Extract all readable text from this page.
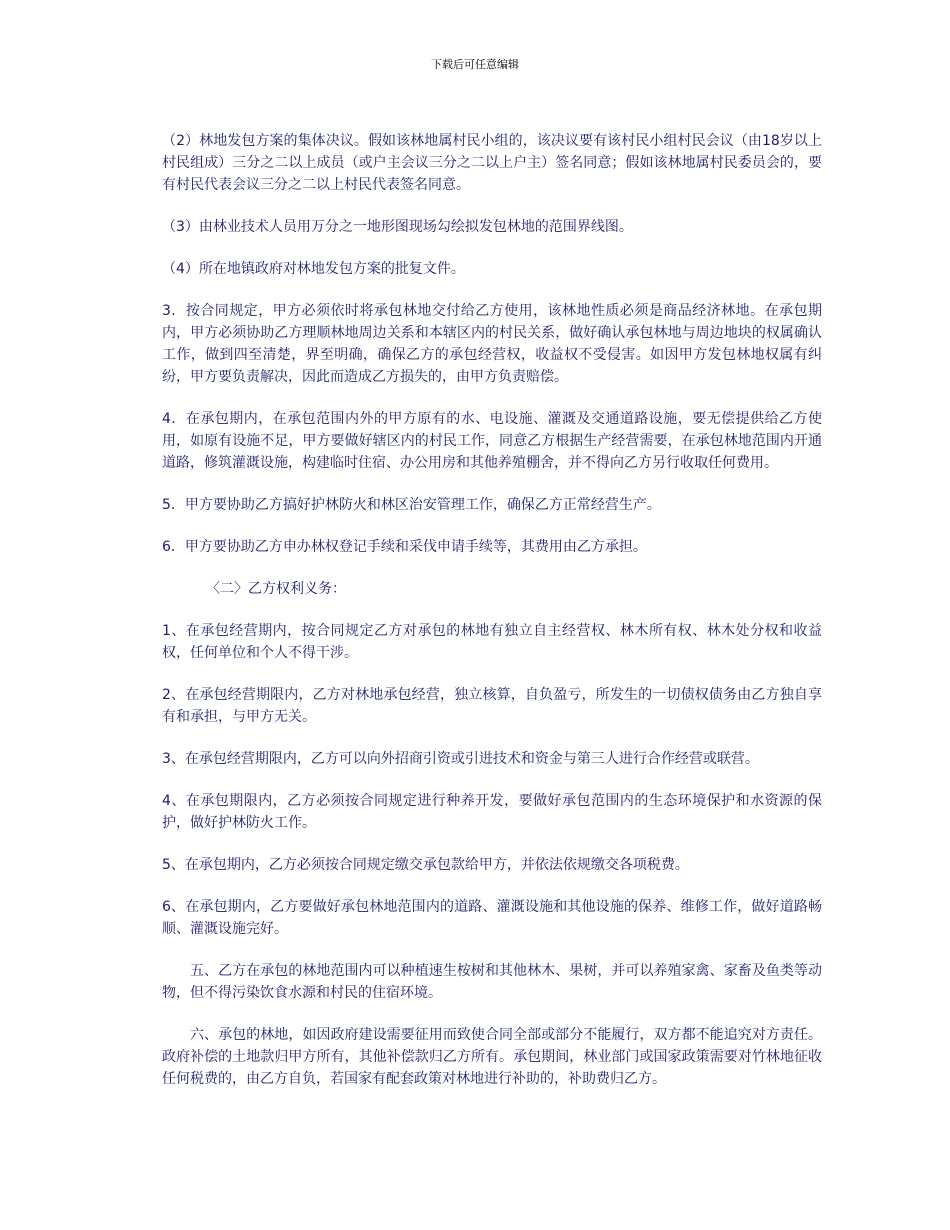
下载后可任意编辑

（2）林地发包方案的集体决议。假如该林地属村民小组的，该决议要有该村民小组村民会议（由18岁以上村民组成）三分之二以上成员（或户主会议三分之二以上户主）签名同意；假如该林地属村民委员会的，要有村民代表会议三分之二以上村民代表签名同意。

（3）由林业技术人员用万分之一地形图现场勾绘拟发包林地的范围界线图。

（4）所在地镇政府对林地发包方案的批复文件。

3．按合同规定，甲方必须依时将承包林地交付给乙方使用，该林地性质必须是商品经济林地。在承包期内，甲方必须协助乙方理顺林地周边关系和本辖区内的村民关系，做好确认承包林地与周边地块的权属确认工作，做到四至清楚，界至明确，确保乙方的承包经营权，收益权不受侵害。如因甲方发包林地权属有纠纷，甲方要负责解决，因此而造成乙方损失的，由甲方负责赔偿。

4．在承包期内，在承包范围内外的甲方原有的水、电设施、灌溉及交通道路设施，要无偿提供给乙方使用，如原有设施不足，甲方要做好辖区内的村民工作，同意乙方根据生产经营需要，在承包林地范围内开通道路，修筑灌溉设施，构建临时住宿、办公用房和其他养殖棚舍，并不得向乙方另行收取任何费用。

5．甲方要协助乙方搞好护林防火和林区治安管理工作，确保乙方正常经营生产。

6．甲方要协助乙方申办林权登记手续和采伐申请手续等，其费用由乙方承担。

〈二〉乙方权利义务：

1、在承包经营期内，按合同规定乙方对承包的林地有独立自主经营权、林木所有权、林木处分权和收益权，任何单位和个人不得干涉。

2、在承包经营期限内，乙方对林地承包经营，独立核算，自负盈亏，所发生的一切债权债务由乙方独自享有和承担，与甲方无关。

3、在承包经营期限内，乙方可以向外招商引资或引进技术和资金与第三人进行合作经营或联营。

4、在承包期限内，乙方必须按合同规定进行种养开发，要做好承包范围内的生态环境保护和水资源的保护，做好护林防火工作。

5、在承包期内，乙方必须按合同规定缴交承包款给甲方，并依法依规缴交各项税费。

6、在承包期内，乙方要做好承包林地范围内的道路、灌溉设施和其他设施的保养、维修工作，做好道路畅顺、灌溉设施完好。

五、乙方在承包的林地范围内可以种植速生桉树和其他林木、果树，并可以养殖家禽、家畜及鱼类等动物，但不得污染饮食水源和村民的住宿环境。

六、承包的林地，如因政府建设需要征用而致使合同全部或部分不能履行，双方都不能追究对方责任。政府补偿的土地款归甲方所有，其他补偿款归乙方所有。承包期间，林业部门或国家政策需要对竹林地征收任何税费的，由乙方自负，若国家有配套政策对林地进行补助的，补助费归乙方。
